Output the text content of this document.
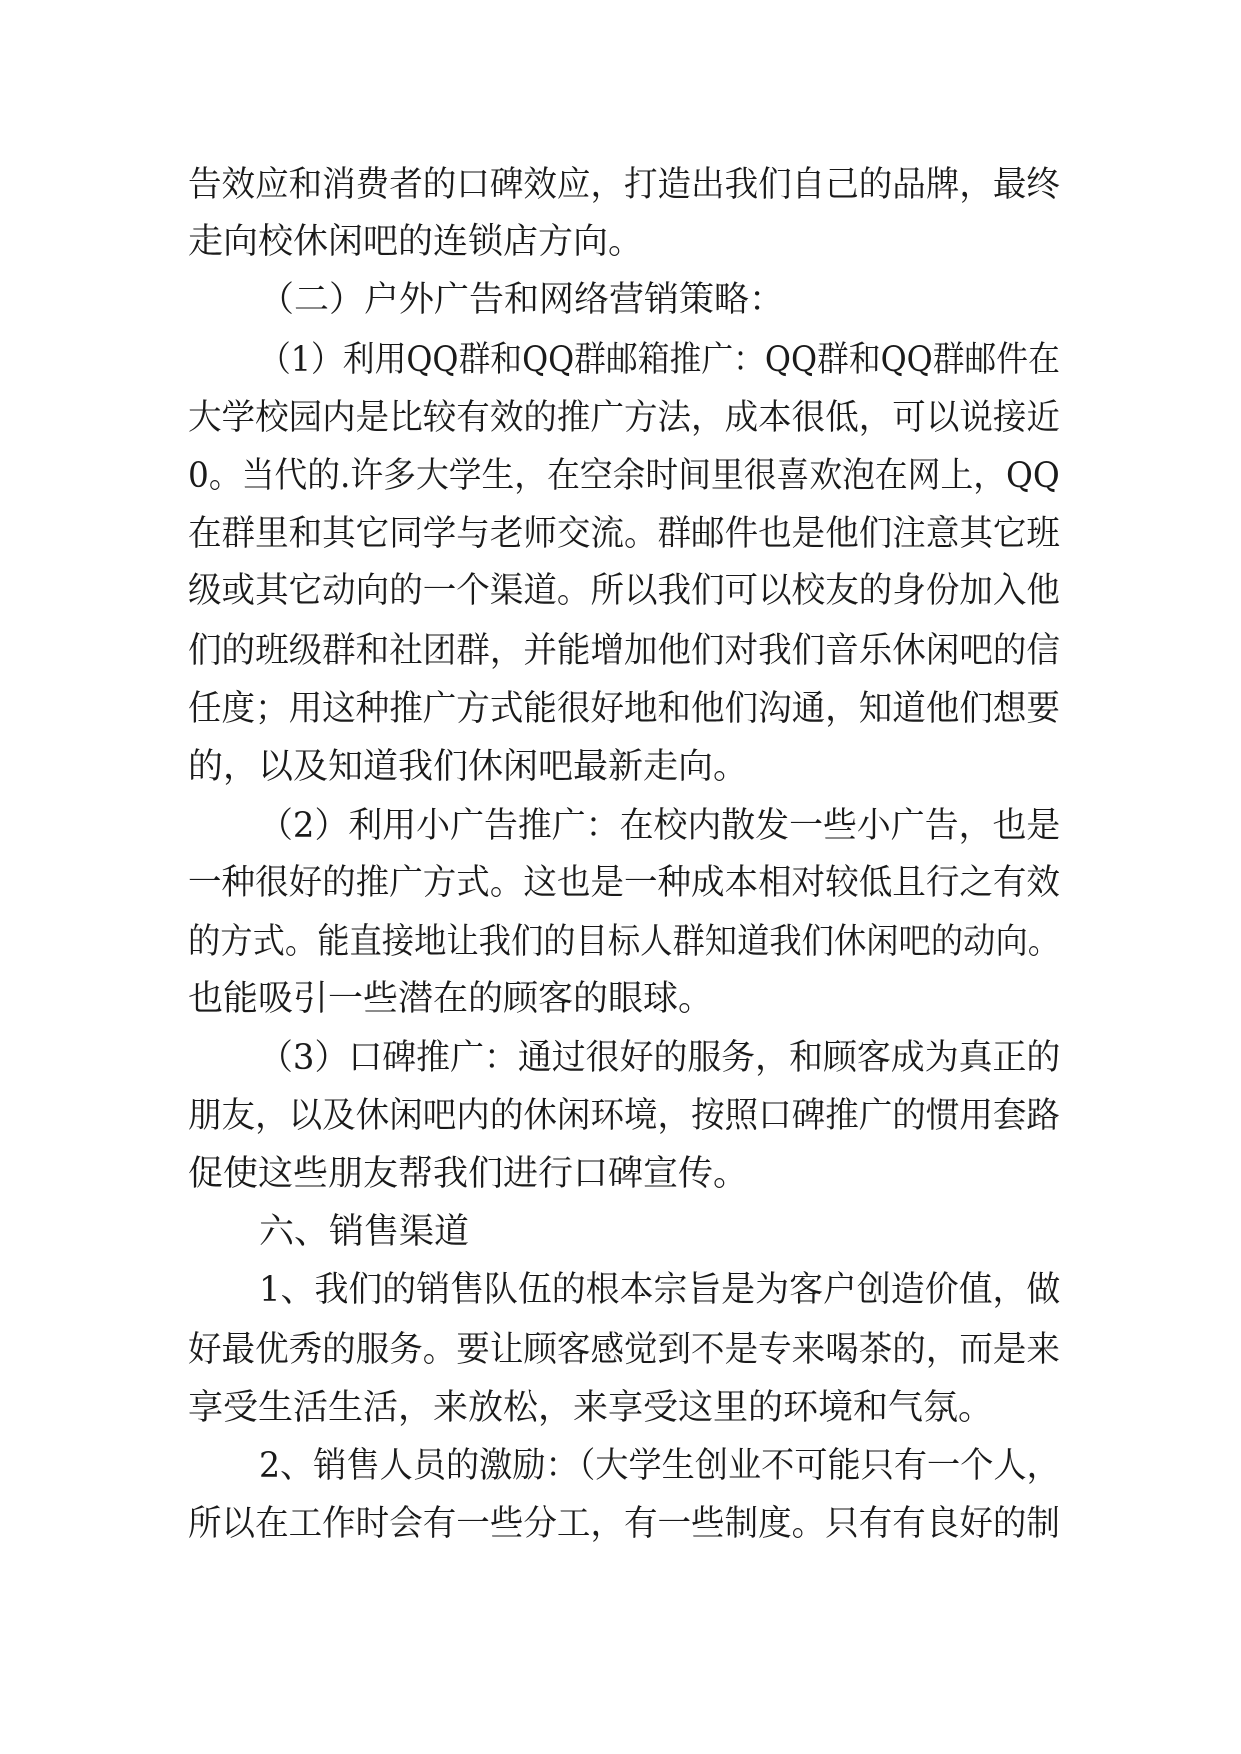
告效应和消费者的口碑效应，打造出我们自己的品牌，最终
走向校休闲吧的连锁店方向。
（二）户外广告和网络营销策略：
（1）利用QQ群和QQ群邮箱推广：QQ群和QQ群邮件在
大学校园内是比较有效的推广方法，成本很低，可以说接近
0。当代的.许多大学生，在空余时间里很喜欢泡在网上，QQ
在群里和其它同学与老师交流。群邮件也是他们注意其它班
级或其它动向的一个渠道。所以我们可以校友的身份加入他
们的班级群和社团群，并能增加他们对我们音乐休闲吧的信
任度；用这种推广方式能很好地和他们沟通，知道他们想要
的，以及知道我们休闲吧最新走向。
（2）利用小广告推广：在校内散发一些小广告，也是
一种很好的推广方式。这也是一种成本相对较低且行之有效
的方式。能直接地让我们的目标人群知道我们休闲吧的动向。
也能吸引一些潜在的顾客的眼球。
（3）口碑推广：通过很好的服务，和顾客成为真正的
朋友，以及休闲吧内的休闲环境，按照口碑推广的惯用套路
促使这些朋友帮我们进行口碑宣传。
六、销售渠道
1、我们的销售队伍的根本宗旨是为客户创造价值，做
好最优秀的服务。要让顾客感觉到不是专来喝茶的，而是来
享受生活生活，来放松，来享受这里的环境和气氛。
2、销售人员的激励：（大学生创业不可能只有一个人，
所以在工作时会有一些分工，有一些制度。只有有良好的制
